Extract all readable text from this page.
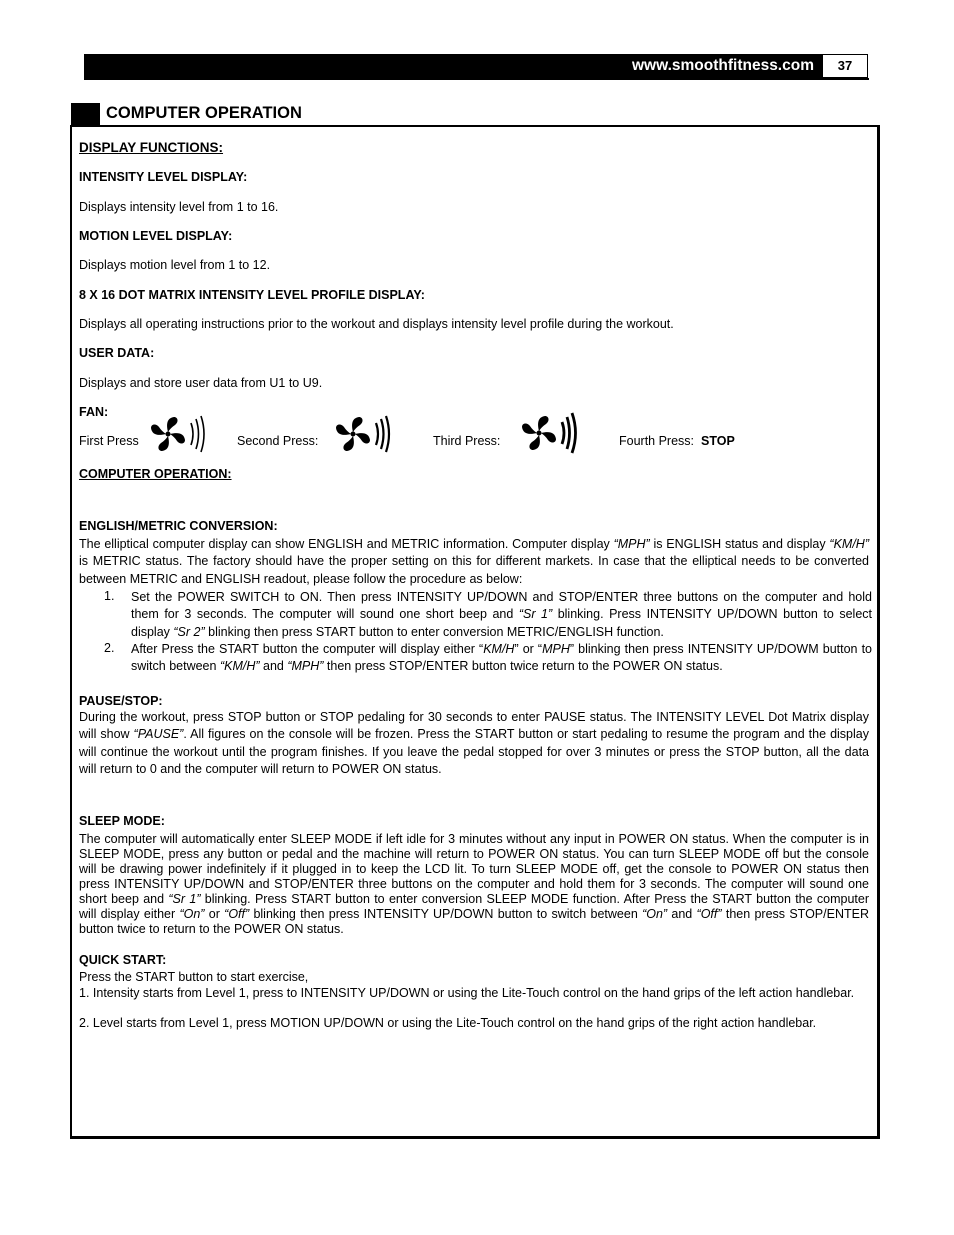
www.smoothfitness.com	37
COMPUTER OPERATION
DISPLAY FUNCTIONS:
INTENSITY LEVEL DISPLAY:
Displays intensity level from 1 to 16.
MOTION LEVEL DISPLAY:
Displays motion level from 1 to 12.
8 X 16 DOT MATRIX INTENSITY LEVEL PROFILE DISPLAY:
Displays all operating instructions prior to the workout and displays intensity level profile during the workout.
USER DATA:
Displays and store user data from U1 to U9.
FAN:
First Press	Second Press:	Third Press:	Fourth Press: STOP
COMPUTER OPERATION:
ENGLISH/METRIC CONVERSION:
The elliptical computer display can show ENGLISH and METRIC information. Computer display “MPH” is ENGLISH status and display “KM/H” is METRIC status. The factory should have the proper setting on this for different markets. In case that the elliptical needs to be converted between METRIC and ENGLISH readout, please follow the procedure as below:
1. Set the POWER SWITCH to ON. Then press INTENSITY UP/DOWN and STOP/ENTER three buttons on the computer and hold them for 3 seconds. The computer will sound one short beep and “Sr 1” blinking. Press INTENSITY UP/DOWN button to select display “Sr 2” blinking then press START button to enter conversion METRIC/ENGLISH function.
2. After Press the START button the computer will display either “KM/H” or “MPH” blinking then press INTENSITY UP/DOWM button to switch between “KM/H” and “MPH” then press STOP/ENTER button twice return to the POWER ON status.
PAUSE/STOP:
During the workout, press STOP button or STOP pedaling for 30 seconds to enter PAUSE status. The INTENSITY LEVEL Dot Matrix display will show “PAUSE”. All figures on the console will be frozen. Press the START button or start pedaling to resume the program and the display will continue the workout until the program finishes. If you leave the pedal stopped for over 3 minutes or press the STOP button, all the data will return to 0 and the computer will return to POWER ON status.
SLEEP MODE:
The computer will automatically enter SLEEP MODE if left idle for 3 minutes without any input in POWER ON status. When the computer is in SLEEP MODE, press any button or pedal and the machine will return to POWER ON status. You can turn SLEEP MODE off but the console will be drawing power indefinitely if it plugged in to keep the LCD lit. To turn SLEEP MODE off, get the console to POWER ON status then press INTENSITY UP/DOWN and STOP/ENTER three buttons on the computer and hold them for 3 seconds. The computer will sound one short beep and “Sr 1” blinking. Press START button to enter conversion SLEEP MODE function. After Press the START button the computer will display either “On” or “Off” blinking then press INTENSITY UP/DOWN button to switch between “On” and “Off” then press STOP/ENTER button twice to return to the POWER ON status.
QUICK START:
Press the START button to start exercise,
1. Intensity starts from Level 1, press to INTENSITY UP/DOWN or using the Lite-Touch control on the hand grips of the left action handlebar.
2. Level starts from Level 1, press MOTION UP/DOWN or using the Lite-Touch control on the hand grips of the right action handlebar.
